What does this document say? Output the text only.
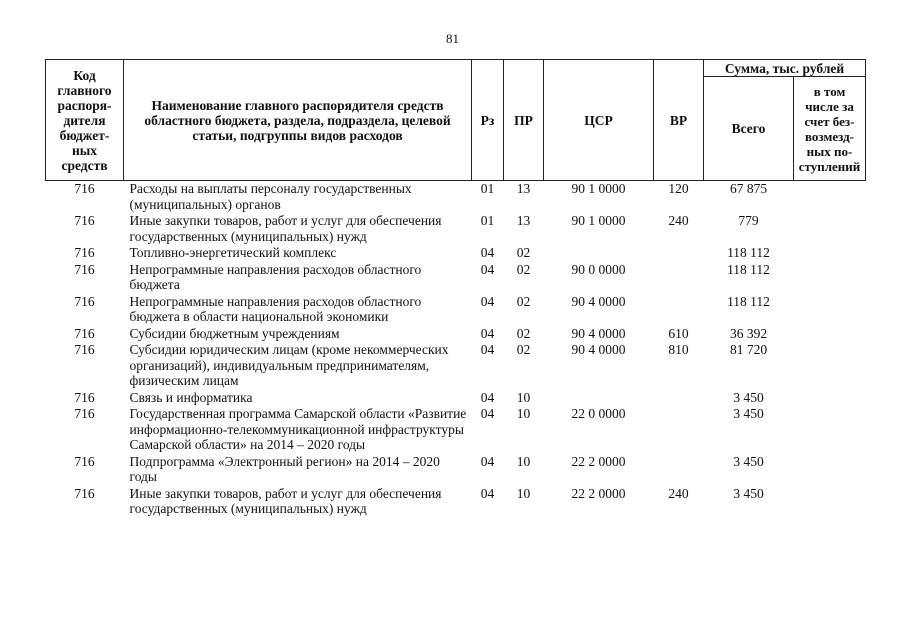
81
Код главного распоря-дителя бюджет-ных средств	Наименование главного распорядителя средств областного бюджета, раздела, подраздела, целевой статьи, подгруппы видов расходов	Рз	ПР	ЦСР	ВР	Сумма, тыс. рублей	
						Всего	в том числе за счет без-возмезд-ных по-ступлений
716	Расходы на выплаты персоналу государственных (муниципальных) органов	01	13	90 1 0000	120	67 875	
716	Иные закупки товаров, работ и услуг для обеспечения государственных (муниципальных) нужд	01	13	90 1 0000	240	779	
716	Топливно-энергетический комплекс	04	02			118 112	
716	Непрограммные направления расходов областного бюджета	04	02	90 0 0000		118 112	
716	Непрограммные направления расходов областного бюджета в области национальной экономики	04	02	90 4 0000		118 112	
716	Субсидии бюджетным учреждениям	04	02	90 4 0000	610	36 392	
716	Субсидии юридическим лицам (кроме некоммерческих организаций), индивидуальным предпринимателям, физическим лицам	04	02	90 4 0000	810	81 720	
716	Связь и информатика	04	10			3 450	
716	Государственная программа Самарской области «Развитие информационно-телекоммуникационной инфраструктуры Самарской области» на 2014 – 2020 годы	04	10	22 0 0000		3 450	
716	Подпрограмма «Электронный регион» на 2014 – 2020 годы	04	10	22 2 0000		3 450	
716	Иные закупки товаров, работ и услуг для обеспечения государственных (муниципальных) нужд	04	10	22 2 0000	240	3 450	
